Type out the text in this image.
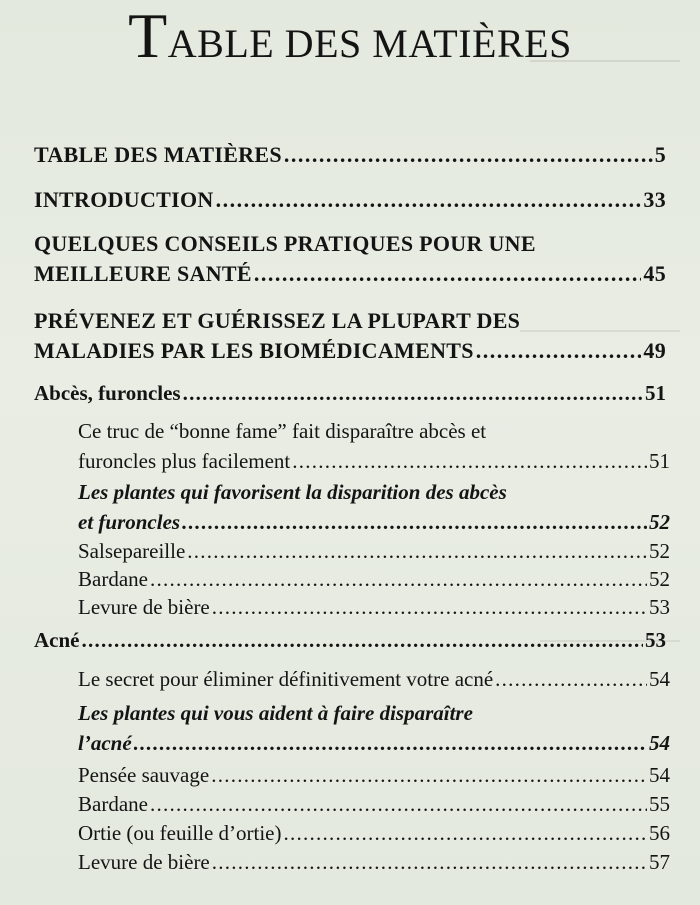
TABLE DES MATIÈRES
TABLE DES MATIÈRES . . .	5
INTRODUCTION . . .	33
QUELQUES CONSEILS PRATIQUES POUR UNE
MEILLEURE SANTÉ . . .	45
PRÉVENEZ ET GUÉRISSEZ LA PLUPART DES
MALADIES PAR LES BIOMÉDICAMENTS . . .	49
Abcès, furoncles . . .	51
Ce truc de “bonne fame” fait disparaître abcès et
furoncles plus facilement . . .	51
Les plantes qui favorisent la disparition des abcès
et furoncles . . .	52
Salsepareille . . .	52
Bardane . . .	52
Levure de bière . . .	53
Acné . . .	53
Le secret pour éliminer définitivement votre acné . . .	54
Les plantes qui vous aident à faire disparaître
l’acné . . .	54
Pensée sauvage . . .	54
Bardane . . .	55
Ortie (ou feuille d’ortie) . . .	56
Levure de bière . . .	57
